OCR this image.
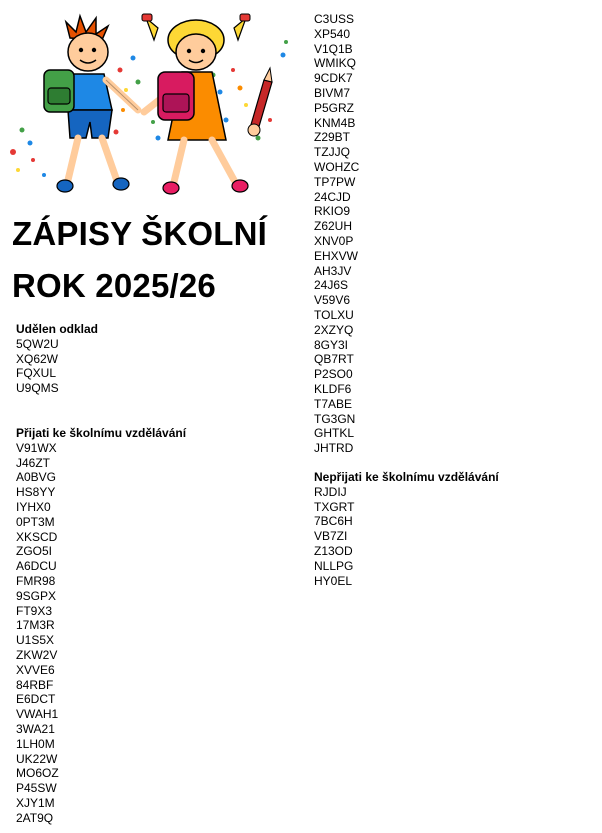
ZÁPISY ŠKOLNÍ
ROK 2025/26
Udělen odklad
5QW2U
XQ62W
FQXUL
U9QMS
Přijati ke školnímu vzdělávání
V91WX
J46ZT
A0BVG
HS8YY
IYHX0
0PT3M
XKSCD
ZGO5I
A6DCU
FMR98
9SGPX
FT9X3
17M3R
U1S5X
ZKW2V
XVVE6
84RBF
E6DCT
VWAH1
3WA21
1LH0M
UK22W
MO6OZ
P45SW
XJY1M
2AT9Q
C3USS
XP540
V1Q1B
WMIKQ
9CDK7
BIVM7
P5GRZ
KNM4B
Z29BT
TZJJQ
WOHZC
TP7PW
24CJD
RKIO9
Z62UH
XNV0P
EHXVW
AH3JV
24J6S
V59V6
TOLXU
2XZYQ
8GY3I
QB7RT
P2SO0
KLDF6
T7ABE
TG3GN
GHTKL
JHTRD
Nepřijati ke školnímu vzdělávání
RJDIJ
TXGRT
7BC6H
VB7ZI
Z13OD
NLLPG
HY0EL
